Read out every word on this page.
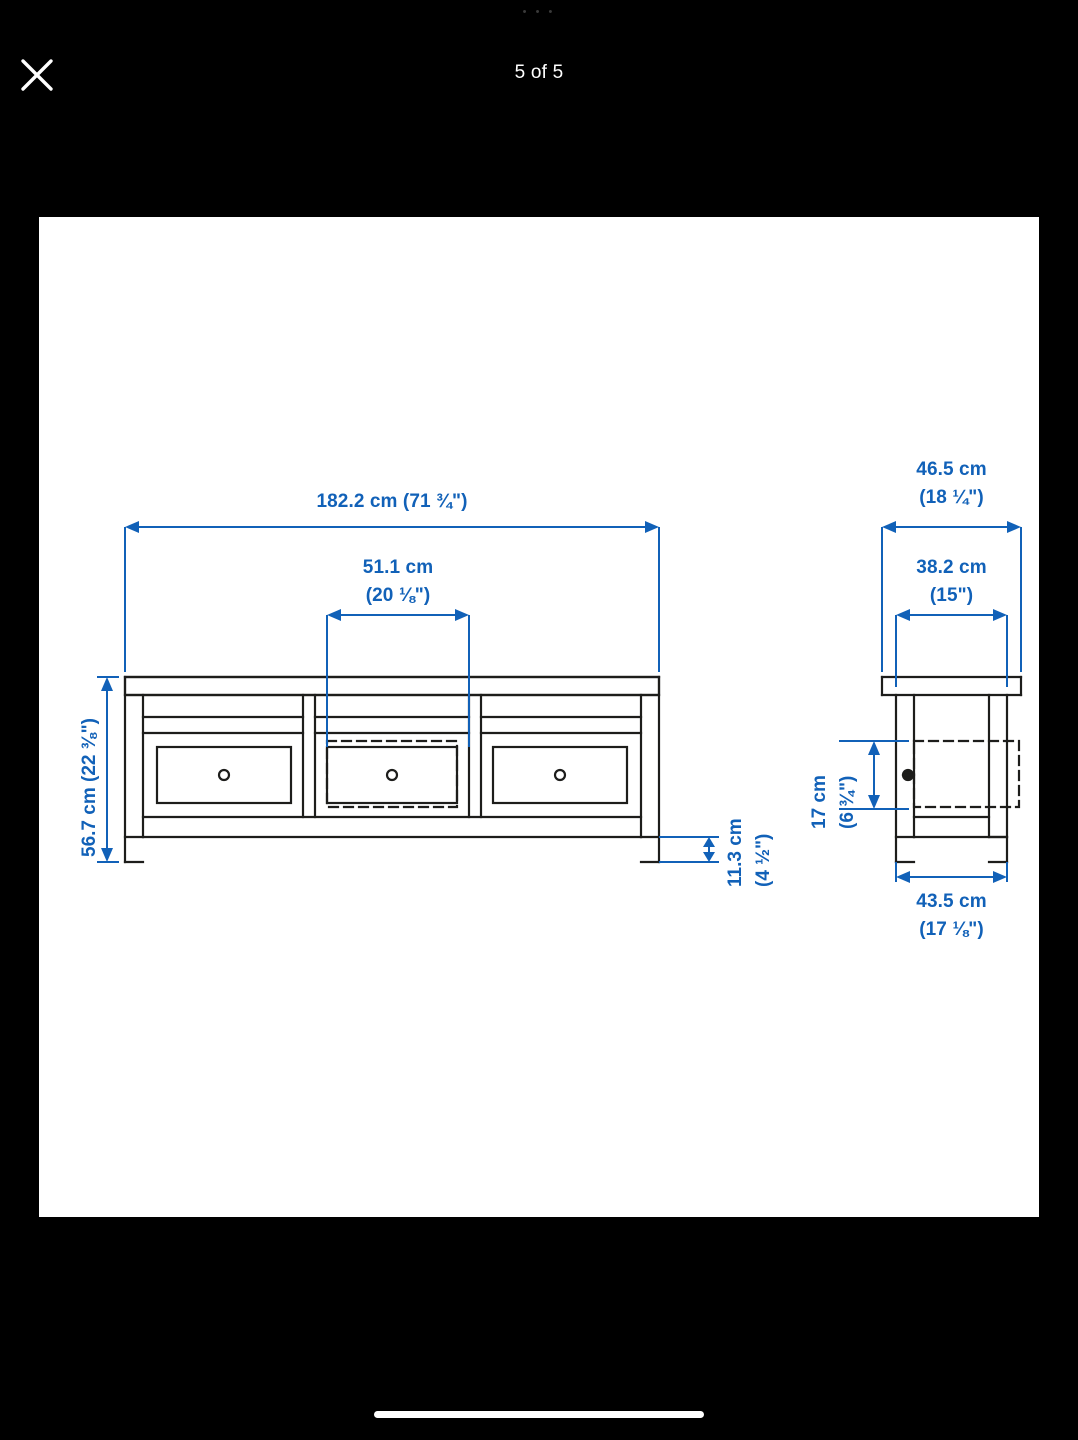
• • •
5 of 5
182.2 cm (71 ¾")
51.1 cm
(20 ⅛")
56.7 cm (22 ⅜")	11.3 cm (4 ½")
46.5 cm
(18 ¼")
38.2 cm
(15")
43.5 cm
(17 ⅛")
17 cm (6 ¾")
